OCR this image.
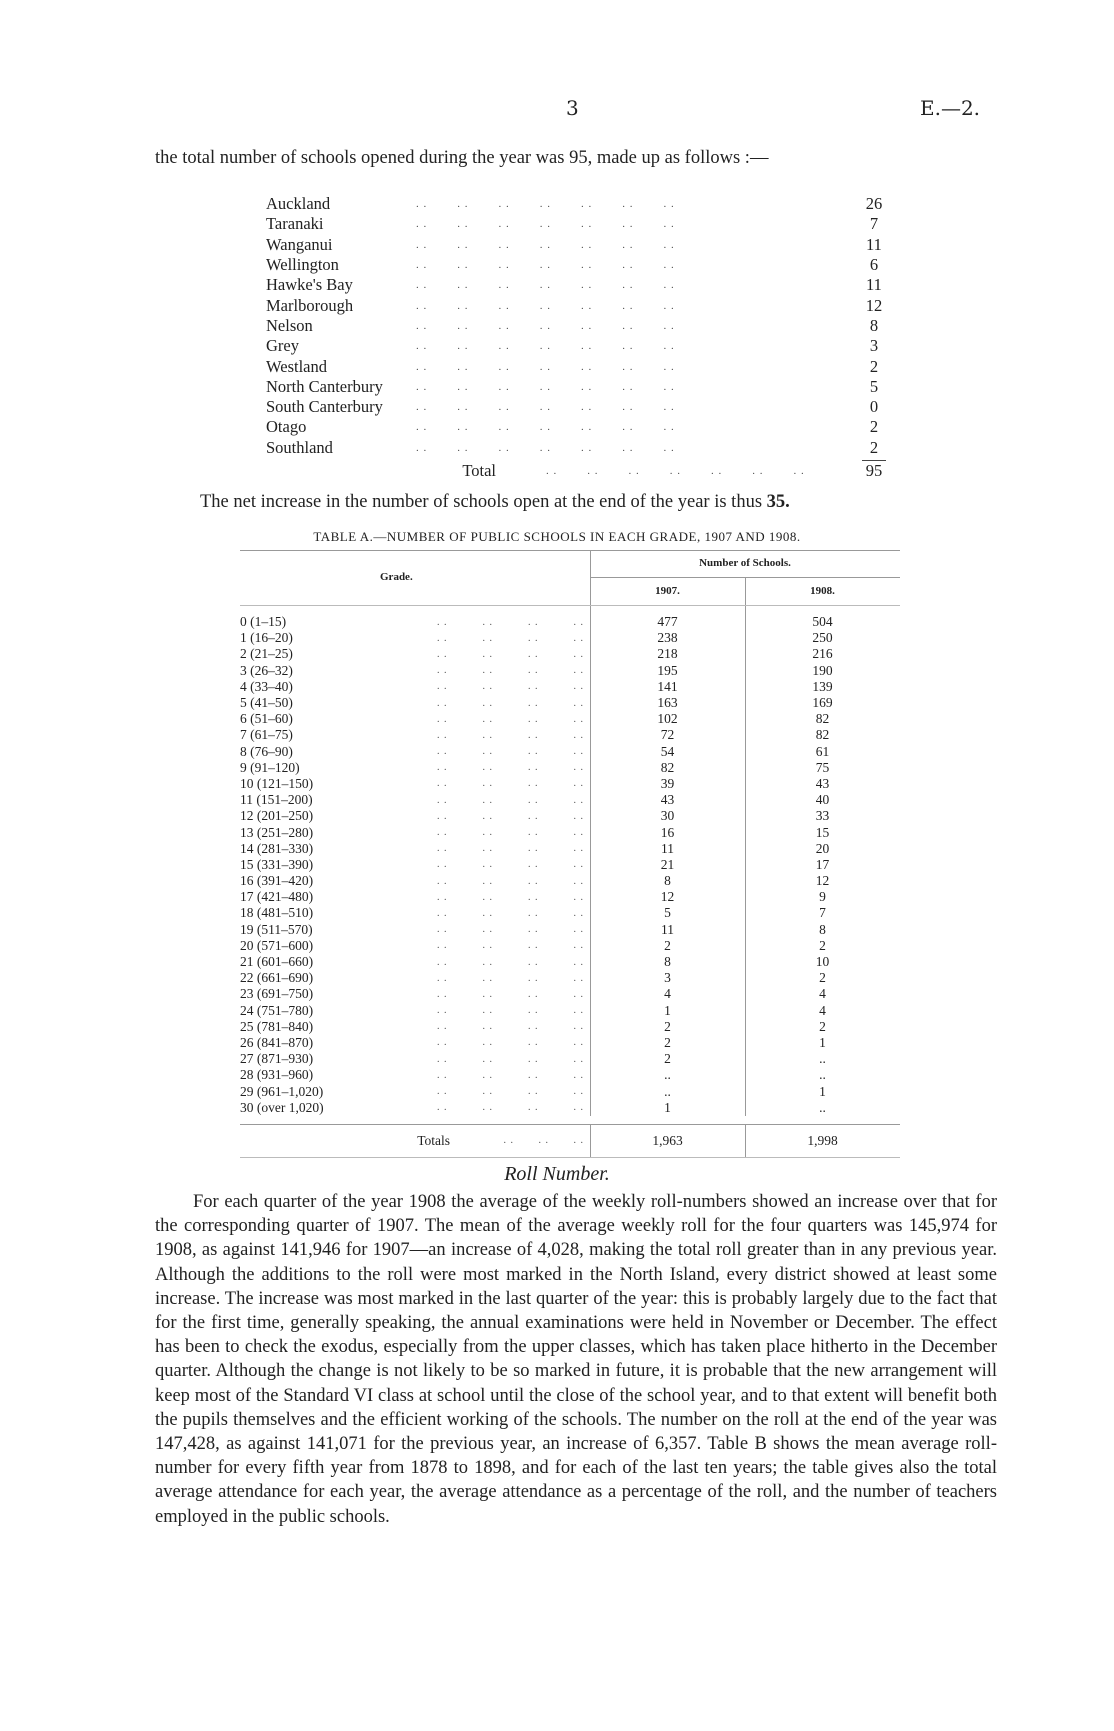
3	E.—2.
the total number of schools opened during the year was 95, made up as follows :—
Auckland	. .        . .        . .        . .        . .        . .        . .	26
Taranaki	. .        . .        . .        . .        . .        . .        . .	7
Wanganui	. .        . .        . .        . .        . .        . .        . .	11
Wellington	. .        . .        . .        . .        . .        . .        . .	6
Hawke's Bay	. .        . .        . .        . .        . .        . .        . .	11
Marlborough	. .        . .        . .        . .        . .        . .        . .	12
Nelson	. .        . .        . .        . .        . .        . .        . .	8
Grey	. .        . .        . .        . .        . .        . .        . .	3
Westland	. .        . .        . .        . .        . .        . .        . .	2
North Canterbury	. .        . .        . .        . .        . .        . .        . .	5
South Canterbury	. .        . .        . .        . .        . .        . .        . .	0
Otago	. .        . .        . .        . .        . .        . .        . .	2
Southland	. .        . .        . .        . .        . .        . .        . .	2
Total	. .        . .        . .        . .        . .        . .        . .	95
The net increase in the number of schools open at the end of the year is thus 35.
TABLE A.—NUMBER OF PUBLIC SCHOOLS IN EACH GRADE, 1907 AND 1908.
Grade.
Number of Schools.
1907.	1908.
0 (1–15)	. .          . .          . .          . .	477	504
1 (16–20)	. .          . .          . .          . .	238	250
2 (21–25)	. .          . .          . .          . .	218	216
3 (26–32)	. .          . .          . .          . .	195	190
4 (33–40)	. .          . .          . .          . .	141	139
5 (41–50)	. .          . .          . .          . .	163	169
6 (51–60)	. .          . .          . .          . .	102	82
7 (61–75)	. .          . .          . .          . .	72	82
8 (76–90)	. .          . .          . .          . .	54	61
9 (91–120)	. .          . .          . .          . .	82	75
10 (121–150)	. .          . .          . .          . .	39	43
11 (151–200)	. .          . .          . .          . .	43	40
12 (201–250)	. .          . .          . .          . .	30	33
13 (251–280)	. .          . .          . .          . .	16	15
14 (281–330)	. .          . .          . .          . .	11	20
15 (331–390)	. .          . .          . .          . .	21	17
16 (391–420)	. .          . .          . .          . .	8	12
17 (421–480)	. .          . .          . .          . .	12	9
18 (481–510)	. .          . .          . .          . .	5	7
19 (511–570)	. .          . .          . .          . .	11	8
20 (571–600)	. .          . .          . .          . .	2	2
21 (601–660)	. .          . .          . .          . .	8	10
22 (661–690)	. .          . .          . .          . .	3	2
23 (691–750)	. .          . .          . .          . .	4	4
24 (751–780)	. .          . .          . .          . .	1	4
25 (781–840)	. .          . .          . .          . .	2	2
26 (841–870)	. .          . .          . .          . .	2	1
27 (871–930)	. .          . .          . .          . .	2	..
28 (931–960)	. .          . .          . .          . .	..	..
29 (961–1,020)	. .          . .          . .          . .	..	1
30 (over 1,020)	. .          . .          . .          . .	1	..
Totals	. .       . .       . .	1,963	1,998
Roll Number.
For each quarter of the year 1908 the average of the weekly roll-numbers showed an increase over that for the corresponding quarter of 1907. The mean of the average weekly roll for the four quarters was 145,974 for 1908, as against 141,946 for 1907—an increase of 4,028, making the total roll greater than in any previous year. Although the additions to the roll were most marked in the North Island, every district showed at least some increase. The increase was most marked in the last quarter of the year: this is probably largely due to the fact that for the first time, generally speaking, the annual examinations were held in November or December. The effect has been to check the exodus, especially from the upper classes, which has taken place hitherto in the December quarter. Although the change is not likely to be so marked in future, it is probable that the new arrangement will keep most of the Standard VI class at school until the close of the school year, and to that extent will benefit both the pupils themselves and the efficient working of the schools. The number on the roll at the end of the year was 147,428, as against 141,071 for the previous year, an increase of 6,357. Table B shows the mean average roll-number for every fifth year from 1878 to 1898, and for each of the last ten years; the table gives also the total average attendance for each year, the average attendance as a percentage of the roll, and the number of teachers employed in the public schools.
